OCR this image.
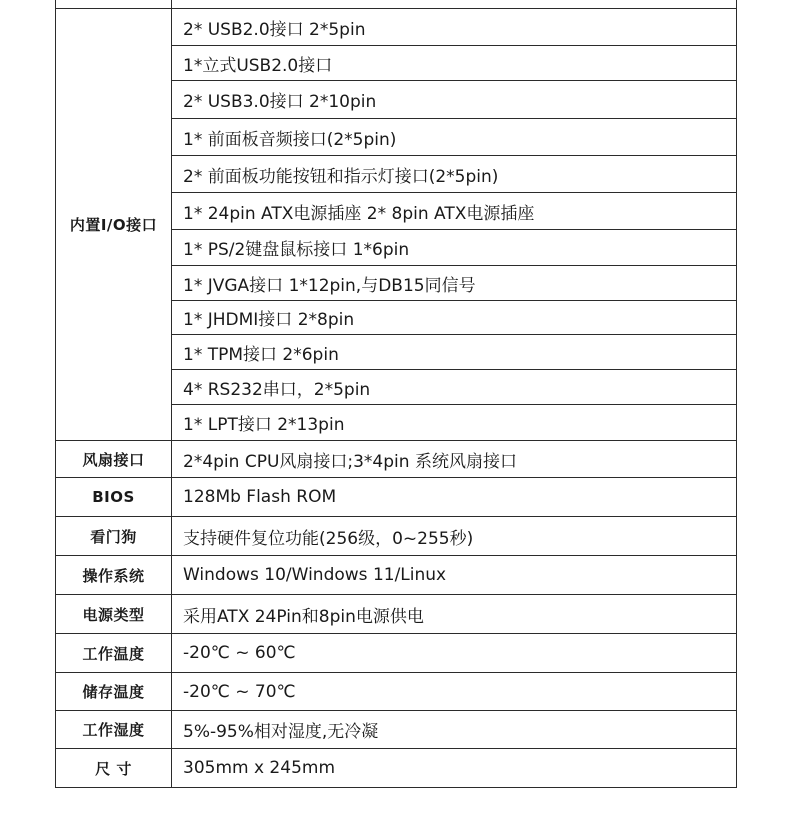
内置I/O接口	2* USB2.0接口 2*5pin
	1*立式USB2.0接口
	2* USB3.0接口 2*10pin
	1* 前面板音频接口(2*5pin)
	2* 前面板功能按钮和指示灯接口(2*5pin)
	1* 24pin ATX电源插座 2* 8pin ATX电源插座
	1* PS/2键盘鼠标接口 1*6pin
	1* JVGA接口 1*12pin,与DB15同信号
	1* JHDMI接口 2*8pin
	1* TPM接口 2*6pin
	4* RS232串口，2*5pin
	1* LPT接口 2*13pin
风扇接口	2*4pin CPU风扇接口;3*4pin 系统风扇接口
BIOS	128Mb Flash ROM
看门狗	支持硬件复位功能(256级，0~255秒)
操作系统	Windows 10/Windows 11/Linux
电源类型	采用ATX 24Pin和8pin电源供电
工作温度	-20℃ ~ 60℃
储存温度	-20℃ ~ 70℃
工作湿度	5%-95%相对湿度,无冷凝
尺 寸	305mm x 245mm
